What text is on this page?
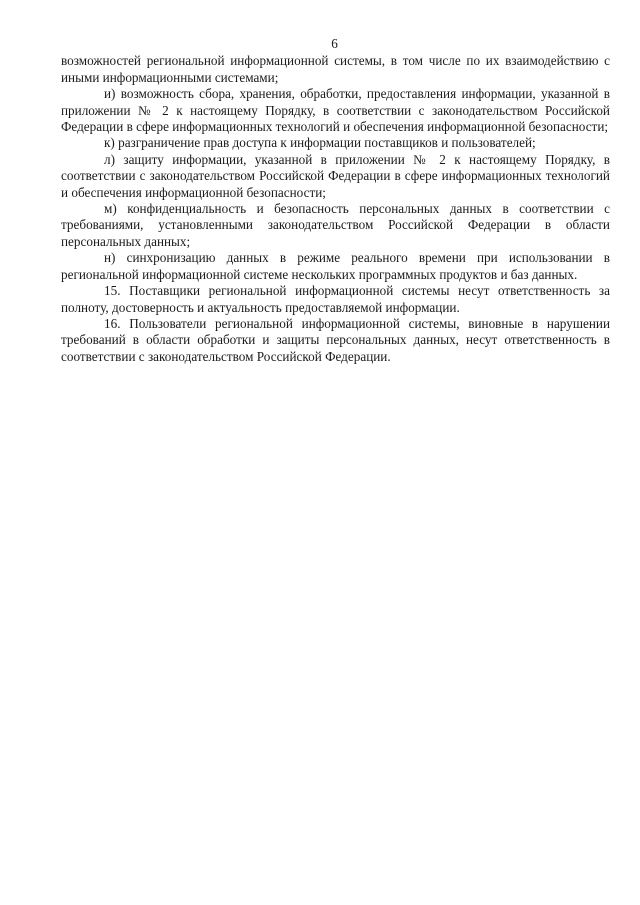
6

возможностей региональной информационной системы, в том числе по их взаимодействию с иными информационными системами;

и) возможность сбора, хранения, обработки, предоставления информации, указанной в приложении № 2 к настоящему Порядку, в соответствии с законодательством Российской Федерации в сфере информационных технологий и обеспечения информационной безопасности;

к) разграничение прав доступа к информации поставщиков и пользователей;

л) защиту информации, указанной в приложении № 2 к настоящему Порядку, в соответствии с законодательством Российской Федерации в сфере информационных технологий и обеспечения информационной безопасности;

м) конфиденциальность и безопасность персональных данных в соответствии с требованиями, установленными законодательством Российской Федерации в области персональных данных;

н) синхронизацию данных в режиме реального времени при использовании в региональной информационной системе нескольких программных продуктов и баз данных.

15. Поставщики региональной информационной системы несут ответственность за полноту, достоверность и актуальность предоставляемой информации.

16. Пользователи региональной информационной системы, виновные в нарушении требований в области обработки и защиты персональных данных, несут ответственность в соответствии с законодательством Российской Федерации.
